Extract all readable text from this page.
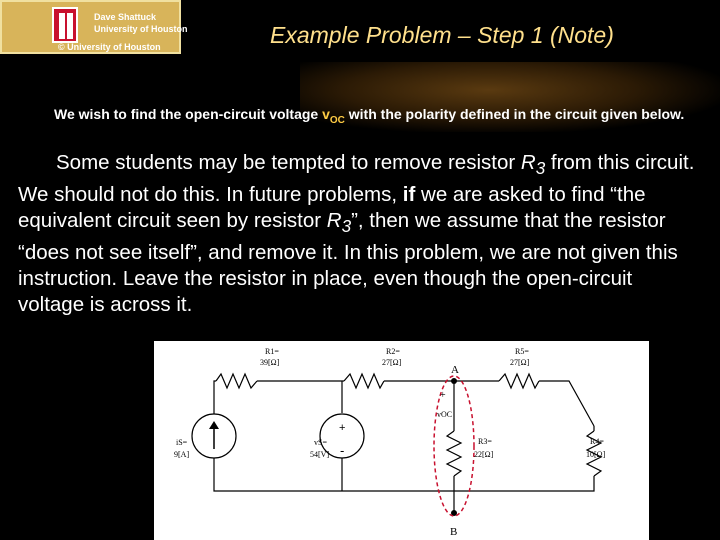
Dave Shattuck
University of Houston
© University of Houston	Example Problem – Step 1 (Note)
We wish to find the open-circuit voltage $v_{OC}$ with the polarity defined in the circuit given below.
Some students may be tempted to remove resistor $R_3$ from this circuit. We should not do this. In future problems, if we are asked to find “the equivalent circuit seen by resistor $R_3$”, then we assume that the resistor “does not see itself”, and remove it. In this problem, we are not given this instruction. Leave the resistor in place, even though the open-circuit voltage is across it.
+
-
R1=
39[Ω]
R2=
27[Ω]
R5=
27[Ω]
R3=
22[Ω]
R4=
10[Ω]
iS=
9[A]
vS=
54[V]
vOC
A
B
+
